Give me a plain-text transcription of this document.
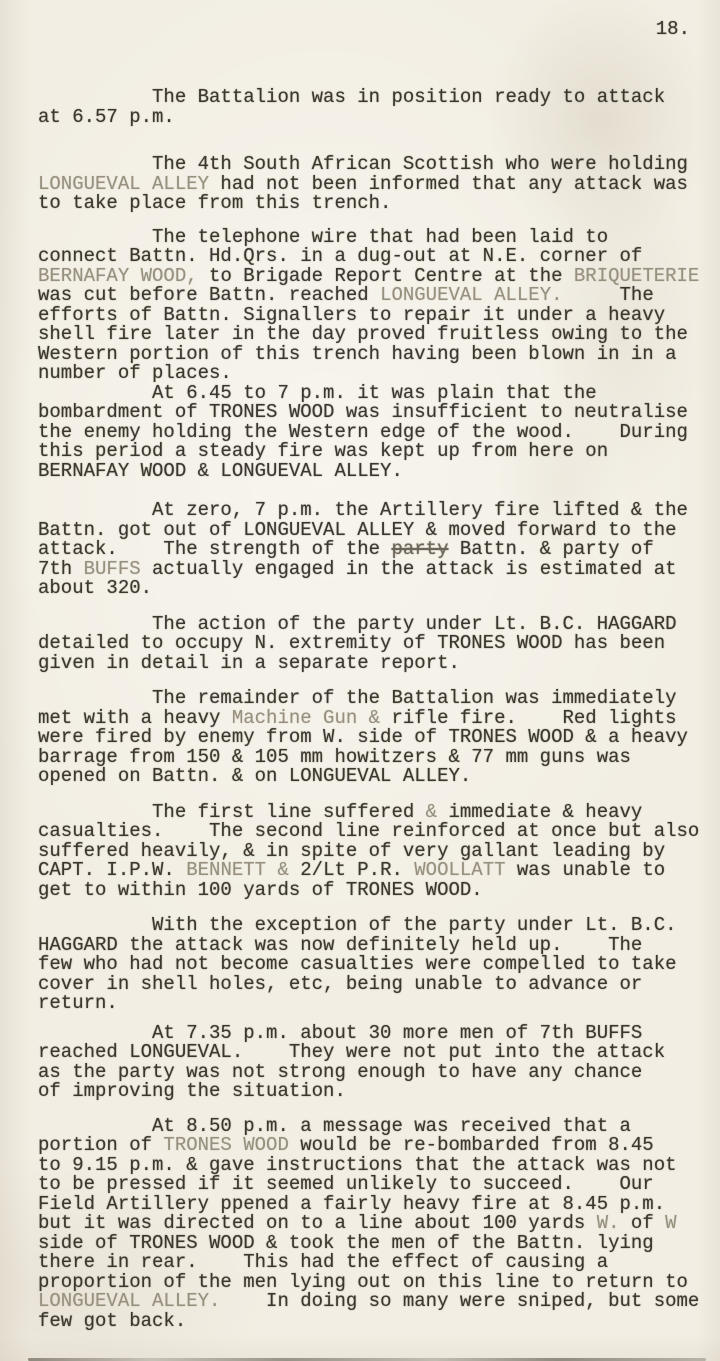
18.
The Battalion was in position ready to attack
at 6.57 p.m.
The 4th South African Scottish who were holding
LONGUEVAL ALLEY had not been informed that any attack was
to take place from this trench.
The telephone wire that had been laid to
connect Battn. Hd.Qrs. in a dug-out at N.E. corner of
BERNAFAY WOOD, to Brigade Report Centre at the BRIQUETERIE
was cut before Battn. reached LONGUEVAL ALLEY.     The
efforts of Battn. Signallers to repair it under a heavy
shell fire later in the day proved fruitless owing to the
Western portion of this trench having been blown in in a
number of places.
At 6.45 to 7 p.m. it was plain that the
bombardment of TRONES WOOD was insufficient to neutralise
the enemy holding the Western edge of the wood.    During
this period a steady fire was kept up from here on
BERNAFAY WOOD & LONGUEVAL ALLEY.
At zero, 7 p.m. the Artillery fire lifted & the
Battn. got out of LONGUEVAL ALLEY & moved forward to the
attack.    The strength of the party Battn. & party of
7th BUFFS actually engaged in the attack is estimated at
about 320.
The action of the party under Lt. B.C. HAGGARD
detailed to occupy N. extremity of TRONES WOOD has been
given in detail in a separate report.
The remainder of the Battalion was immediately
met with a heavy Machine Gun & rifle fire.    Red lights
were fired by enemy from W. side of TRONES WOOD & a heavy
barrage from 150 & 105 mm howitzers & 77 mm guns was
opened on Battn. & on LONGUEVAL ALLEY.
The first line suffered & immediate & heavy
casualties.    The second line reinforced at once but also
suffered heavily, & in spite of very gallant leading by
CAPT. I.P.W. BENNETT & 2/Lt P.R. WOOLLATT was unable to
get to within 100 yards of TRONES WOOD.
With the exception of the party under Lt. B.C.
HAGGARD the attack was now definitely held up.    The
few who had not become casualties were compelled to take
cover in shell holes, etc, being unable to advance or
return.
At 7.35 p.m. about 30 more men of 7th BUFFS
reached LONGUEVAL.    They were not put into the attack
as the party was not strong enough to have any chance
of improving the situation.
At 8.50 p.m. a message was received that a
portion of TRONES WOOD would be re-bombarded from 8.45
to 9.15 p.m. & gave instructions that the attack was not
to be pressed if it seemed unlikely to succeed.    Our
Field Artillery ppened a fairly heavy fire at 8.45 p.m.
but it was directed on to a line about 100 yards W. of W
side of TRONES WOOD & took the men of the Battn. lying
there in rear.    This had the effect of causing a
proportion of the men lying out on this line to return to
LONGUEVAL ALLEY.    In doing so many were sniped, but some
few got back.
